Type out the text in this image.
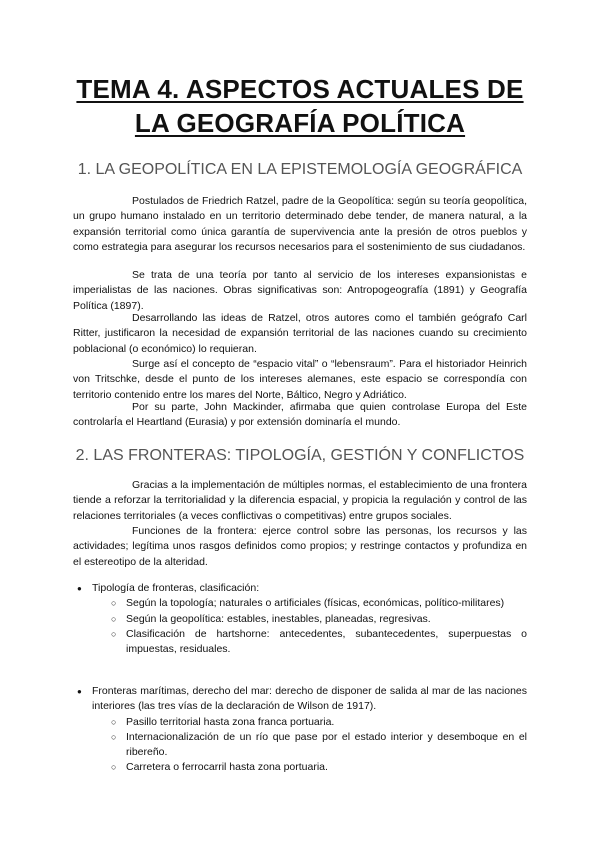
TEMA 4. ASPECTOS ACTUALES DE LA GEOGRAFÍA POLÍTICA
1. LA GEOPOLÍTICA EN LA EPISTEMOLOGÍA GEOGRÁFICA

Postulados de Friedrich Ratzel, padre de la Geopolítica: según su teoría geopolítica, un grupo humano instalado en un territorio determinado debe tender, de manera natural, a la expansión territorial como única garantía de supervivencia ante la presión de otros pueblos y como estrategia para asegurar los recursos necesarios para el sostenimiento de sus ciudadanos.

Se trata de una teoría por tanto al servicio de los intereses expansionistas e imperialistas de las naciones. Obras significativas son: Antropogeografía (1891) y Geografía Política (1897).

Desarrollando las ideas de Ratzel, otros autores como el también geógrafo Carl Ritter, justificaron la necesidad de expansión territorial de las naciones cuando su crecimiento poblacional (o económico) lo requieran.

Surge así el concepto de “espacio vital” o “lebensraum”. Para el historiador Heinrich von Tritschke, desde el punto de los intereses alemanes, este espacio se correspondía con territorio contenido entre los mares del Norte, Báltico, Negro y Adriático.

Por su parte, John Mackinder, afirmaba que quien controlase Europa del Este controlarÍa el Heartland (Eurasia) y por extensión dominaría el mundo.

2. LAS FRONTERAS: TIPOLOGÍA, GESTIÓN Y CONFLICTOS

Gracias a la implementación de múltiples normas, el establecimiento de una frontera tiende a reforzar la territorialidad y la diferencia espacial, y propicia la regulación y control de las relaciones territoriales (a veces conflictivas o competitivas) entre grupos sociales.

Funciones de la frontera: ejerce control sobre las personas, los recursos y las actividades; legítima unos rasgos definidos como propios; y restringe contactos y profundiza en el estereotipo de la alteridad.

● Tipología de fronteras, clasificación:
○ Según la topología; naturales o artificiales (físicas, económicas, político-militares)
○ Según la geopolítica: estables, inestables, planeadas, regresivas.
○ Clasificación de hartshorne: antecedentes, subantecedentes, superpuestas o impuestas, residuales.
● Fronteras marítimas, derecho del mar: derecho de disponer de salida al mar de las naciones interiores (las tres vías de la declaración de Wilson de 1917).
○ Pasillo territorial hasta zona franca portuaria.
○ Internacionalización de un río que pase por el estado interior y desemboque en el ribereño.
○ Carretera o ferrocarril hasta zona portuaria.
